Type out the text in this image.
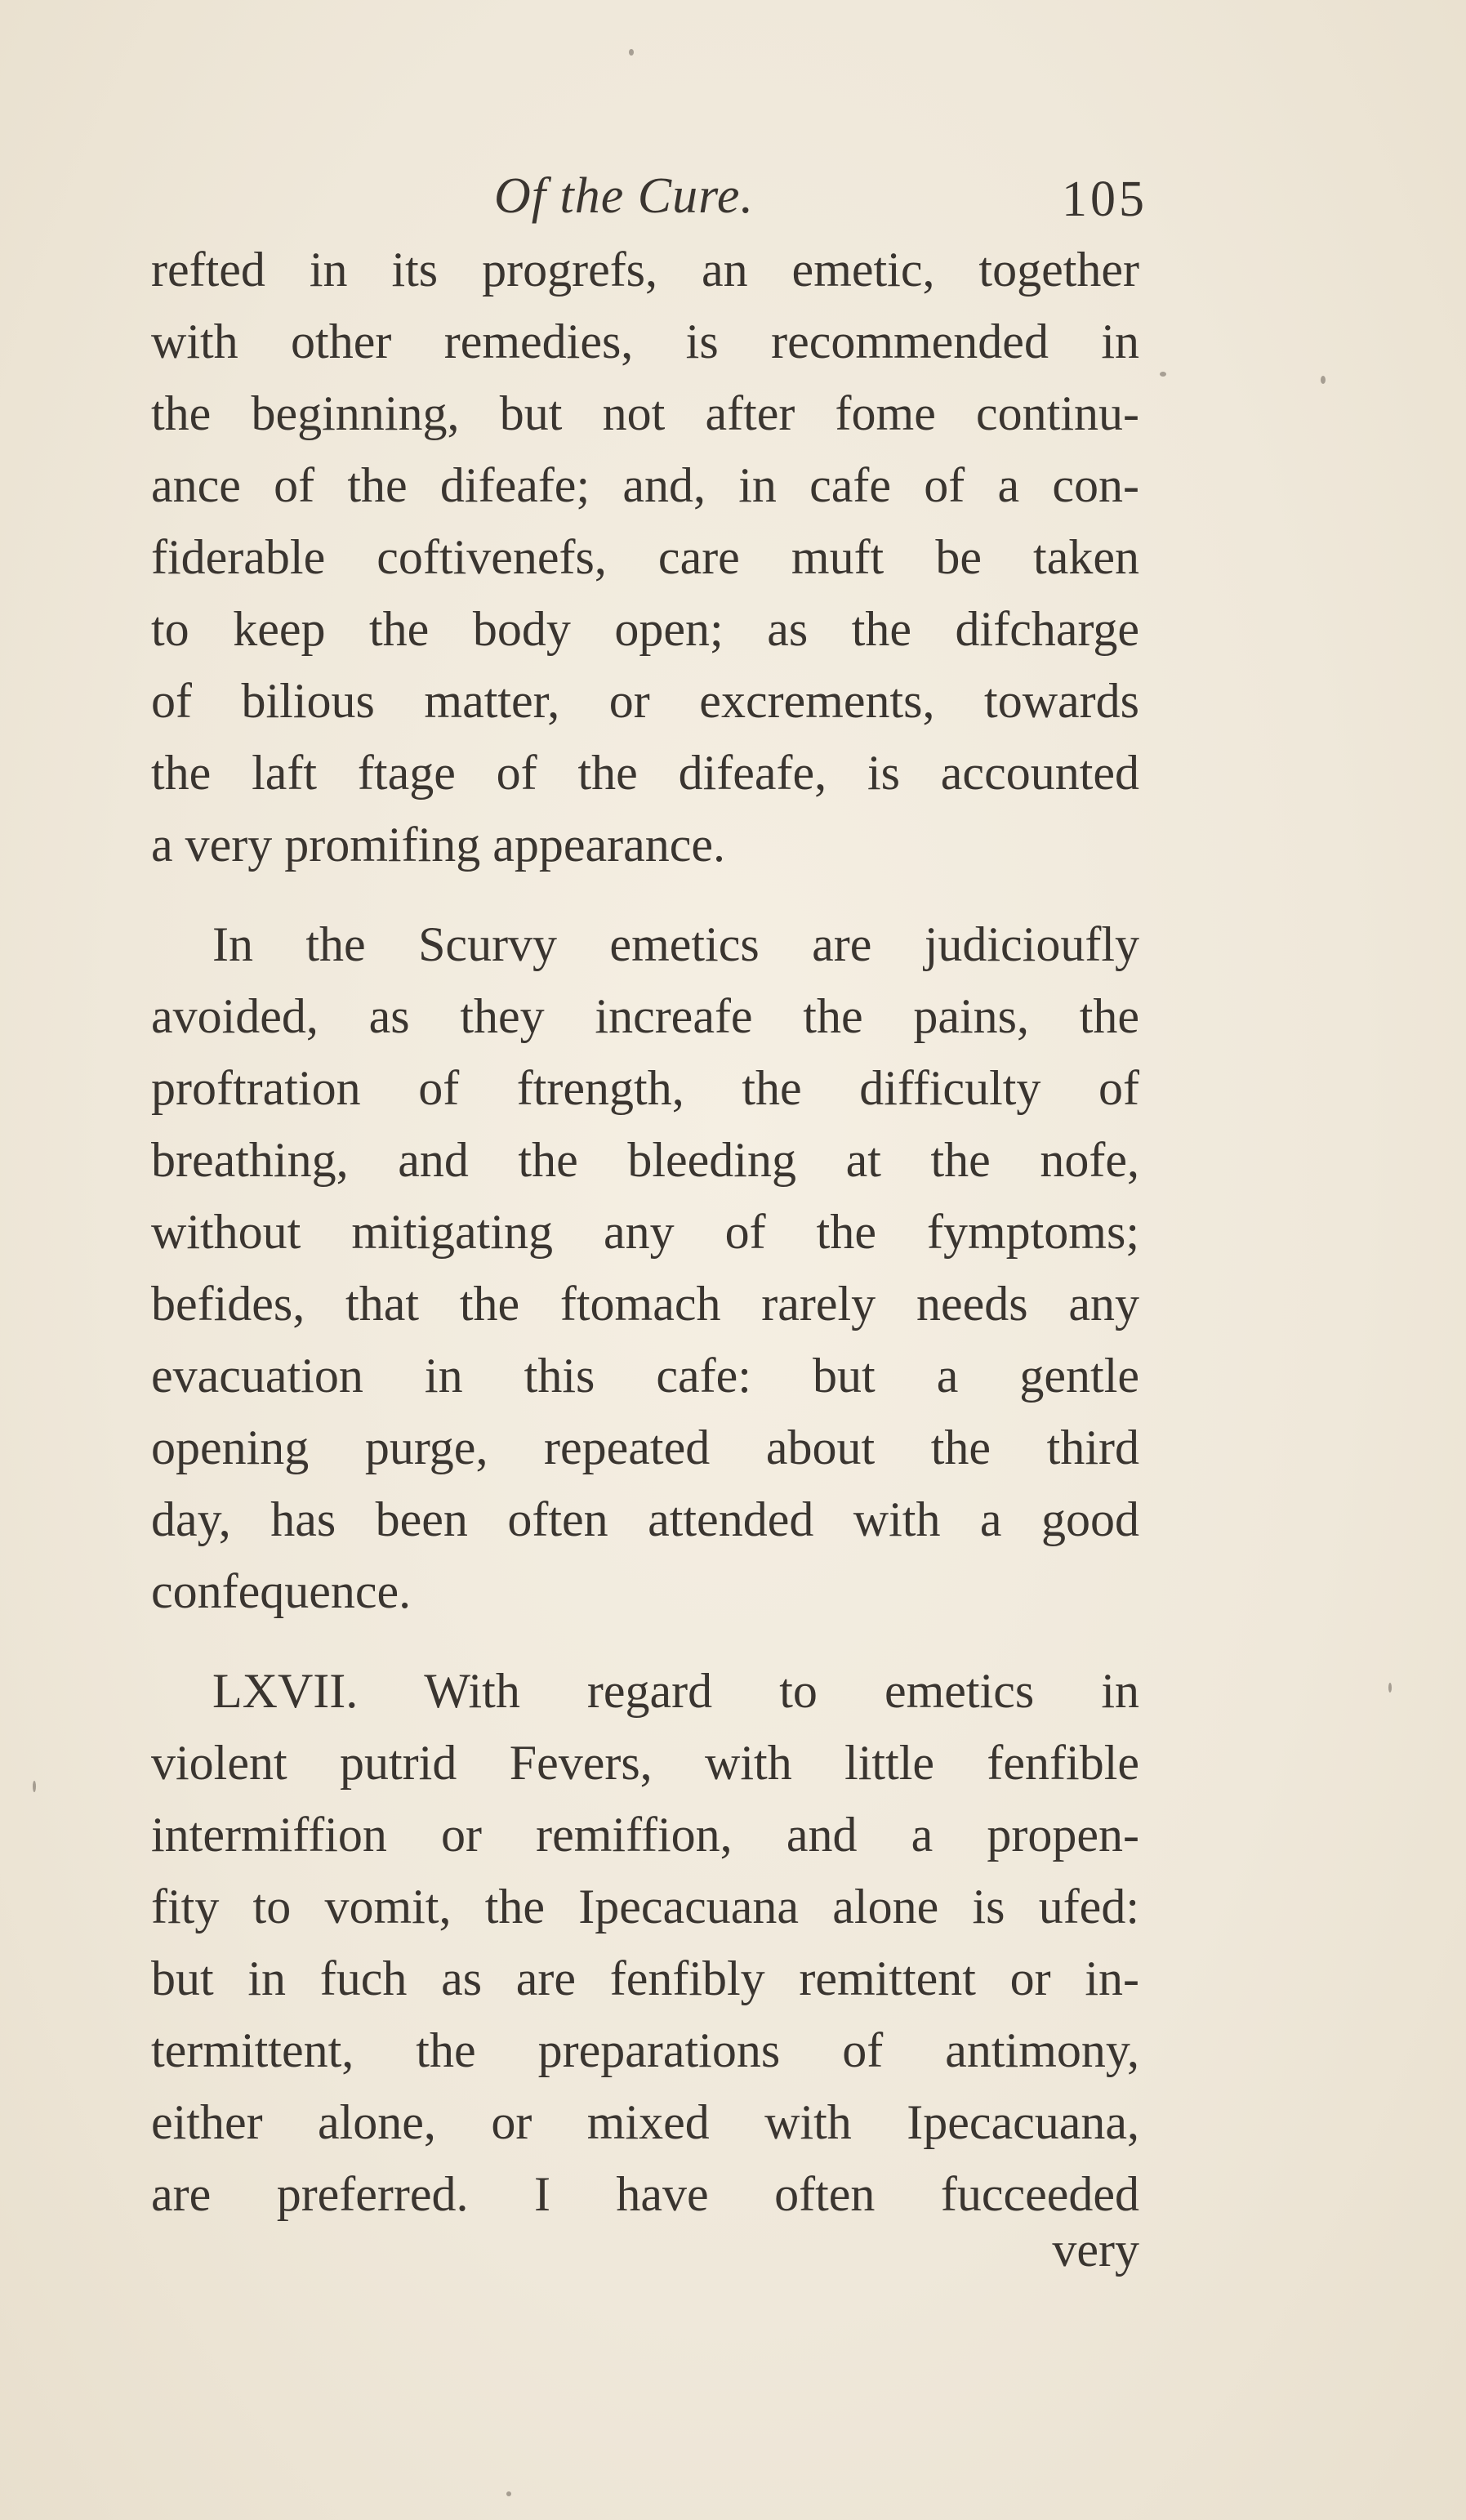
Of the Cure.	105
refted in its progrefs, an emetic, together
with other remedies, is recommended in
the beginning, but not after fome continu-
ance of the difeafe; and, in cafe of a con-
fiderable coftivenefs, care muft be taken
to keep the body open; as the difcharge
of bilious matter, or excrements, towards
the laft ftage of the difeafe, is accounted
a very promifing appearance.
In the Scurvy emetics are judicioufly
avoided, as they increafe the pains, the
proftration of ftrength, the difficulty of
breathing, and the bleeding at the nofe,
without mitigating any of the fymptoms;
befides, that the ftomach rarely needs any
evacuation in this cafe: but a gentle
opening purge, repeated about the third
day, has been often attended with a good
confequence.
LXVII. With regard to emetics in
violent putrid Fevers, with little fenfible
intermiffion or remiffion, and a propen-
fity to vomit, the Ipecacuana alone is ufed:
but in fuch as are fenfibly remittent or in-
termittent, the preparations of antimony,
either alone, or mixed with Ipecacuana,
are preferred. I have often fucceeded
very
